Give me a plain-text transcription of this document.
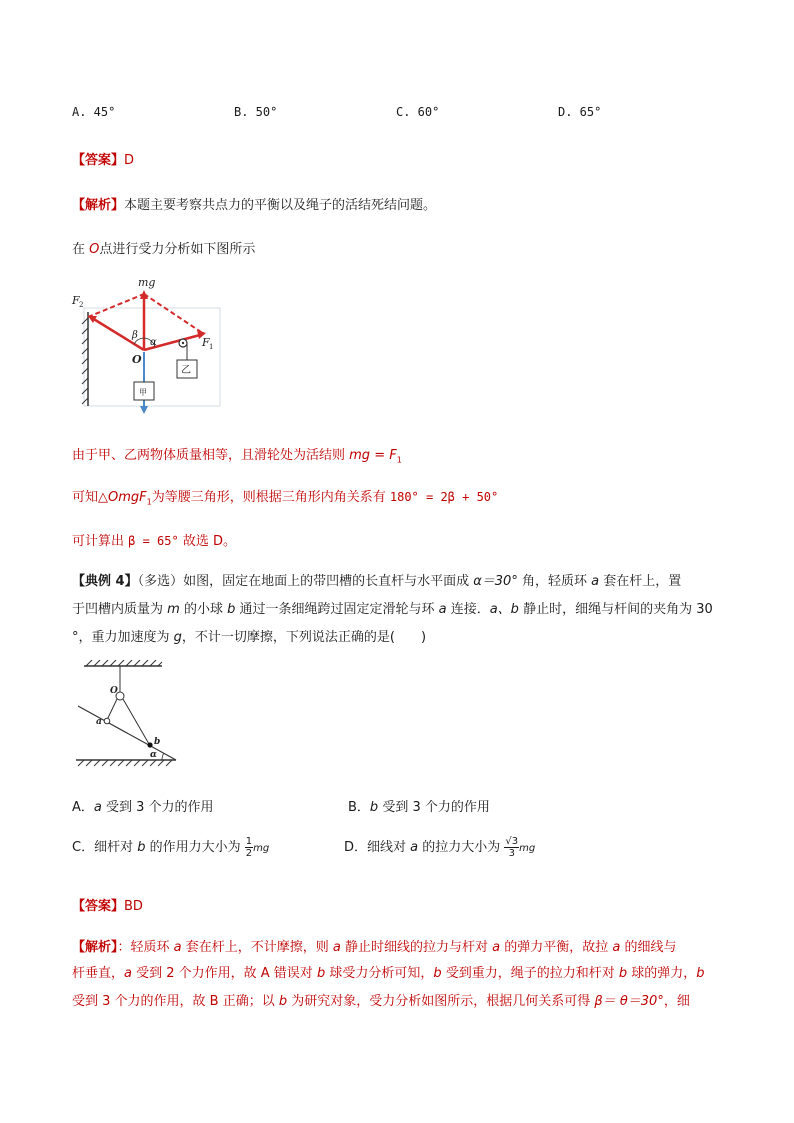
A. 45°	B. 50°	C. 60°	D. 65°
【答案】D
【解析】本题主要考察共点力的平衡以及绳子的活结死结问题。
在 O点进行受力分析如下图所示
mg
F 2
F 1
β
α
O
乙
甲
由于甲、乙两物体质量相等，且滑轮处为活结则 mg = $F_1$
可知△OmgF$_1$为等腰三角形，则根据三角形内角关系有 180° = 2β + 50°
可计算出 β = 65° 故选 D。
【典例 4】（多选）如图，固定在地面上的带凹槽的长直杆与水平面成 α＝30° 角，轻质环 a 套在杆上，置
于凹槽内质量为 m 的小球 b 通过一条细绳跨过固定定滑轮与环 a 连接．a、b 静止时，细绳与杆间的夹角为 30
°，重力加速度为 g，不计一切摩擦，下列说法正确的是(　　)
O
a
b
α
A．a 受到 3 个力的作用	B．b 受到 3 个力的作用
C．细杆对 b 的作用力大小为 $\frac{1}{2}$ mg	D．细线对 a 的拉力大小为 $\frac{√3}{3}$ mg
【答案】BD
【解析】：轻质环 a 套在杆上，不计摩擦，则 a 静止时细线的拉力与杆对 a 的弹力平衡，故拉 a 的细线与
杆垂直，a 受到 2 个力作用，故 A 错误对 b 球受力分析可知，b 受到重力，绳子的拉力和杆对 b 球的弹力，b
受到 3 个力的作用，故 B 正确；以 b 为研究对象，受力分析如图所示，根据几何关系可得 β＝ θ＝30°，细
